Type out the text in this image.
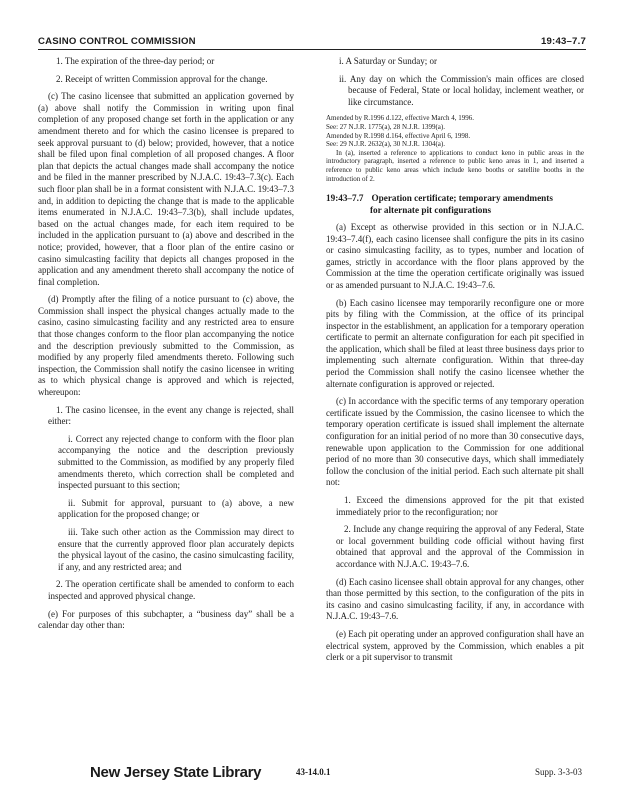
CASINO CONTROL COMMISSION	19:43–7.7

1. The expiration of the three-day period; or

2. Receipt of written Commission approval for the change.

(c) The casino licensee that submitted an application governed by (a) above shall notify the Commission in writing upon final completion of any proposed change set forth in the application or any amendment thereto and for which the casino licensee is prepared to seek approval pursuant to (d) below; provided, however, that a notice shall be filed upon final completion of all proposed changes. A floor plan that depicts the actual changes made shall accompany the notice and be filed in the manner prescribed by N.J.A.C. 19:43–7.3(c). Each such floor plan shall be in a format consistent with N.J.A.C. 19:43–7.3 and, in addition to depicting the change that is made to the applicable items enumerated in N.J.A.C. 19:43–7.3(b), shall include updates, based on the actual changes made, for each item required to be included in the application pursuant to (a) above and described in the notice; provided, however, that a floor plan of the entire casino or casino simulcasting facility that depicts all changes proposed in the application and any amendment thereto shall accompany the notice of final completion.

(d) Promptly after the filing of a notice pursuant to (c) above, the Commission shall inspect the physical changes actually made to the casino, casino simulcasting facility and any restricted area to ensure that those changes conform to the floor plan accompanying the notice and the description previously submitted to the Commission, as modified by any properly filed amendments thereto. Following such inspection, the Commission shall notify the casino licensee in writing as to which physical change is approved and which is rejected, whereupon:

1. The casino licensee, in the event any change is rejected, shall either:

i. Correct any rejected change to conform with the floor plan accompanying the notice and the description previously submitted to the Commission, as modified by any properly filed amendments thereto, which correction shall be completed and inspected pursuant to this section;

ii. Submit for approval, pursuant to (a) above, a new application for the proposed change; or

iii. Take such other action as the Commission may direct to ensure that the currently approved floor plan accurately depicts the physical layout of the casino, the casino simulcasting facility, if any, and any restricted area; and

2. The operation certificate shall be amended to conform to each inspected and approved physical change.

(e) For purposes of this subchapter, a “business day” shall be a calendar day other than:

i. A Saturday or Sunday; or

ii. Any day on which the Commission's main offices are closed because of Federal, State or local holiday, inclement weather, or like circumstance.

Amended by R.1996 d.122, effective March 4, 1996.
See: 27 N.J.R. 1775(a), 28 N.J.R. 1399(a).
Amended by R.1998 d.164, effective April 6, 1998.
See: 29 N.J.R. 2632(a), 30 N.J.R. 1304(a).
In (a), inserted a reference to applications to conduct keno in public areas in the introductory paragraph, inserted a reference to public keno areas in 1, and inserted a reference to public keno areas which include keno booths or satellite booths in the introduction of 2.
19:43–7.7 Operation certificate; temporary amendments
for alternate pit configurations

(a) Except as otherwise provided in this section or in N.J.A.C. 19:43–7.4(f), each casino licensee shall configure the pits in its casino or casino simulcasting facility, as to types, number and location of games, strictly in accordance with the floor plans approved by the Commission at the time the operation certificate originally was issued or as amended pursuant to N.J.A.C. 19:43–7.6.

(b) Each casino licensee may temporarily reconfigure one or more pits by filing with the Commission, at the office of its principal inspector in the establishment, an application for a temporary operation certificate to permit an alternate configuration for each pit specified in the application, which shall be filed at least three business days prior to implementing such alternate configuration. Within that three-day period the Commission shall notify the casino licensee whether the alternate configuration is approved or rejected.

(c) In accordance with the specific terms of any temporary operation certificate issued by the Commission, the casino licensee to which the temporary operation certificate is issued shall implement the alternate configuration for an initial period of no more than 30 consecutive days, renewable upon application to the Commission for one additional period of no more than 30 consecutive days, which shall immediately follow the conclusion of the initial period. Each such alternate pit shall not:

1. Exceed the dimensions approved for the pit that existed immediately prior to the reconfiguration; nor

2. Include any change requiring the approval of any Federal, State or local government building code official without having first obtained that approval and the approval of the Commission in accordance with N.J.A.C. 19:43–7.6.

(d) Each casino licensee shall obtain approval for any changes, other than those permitted by this section, to the configuration of the pits in its casino and casino simulcasting facility, if any, in accordance with N.J.A.C. 19:43–7.6.

(e) Each pit operating under an approved configuration shall have an electrical system, approved by the Commission, which enables a pit clerk or a pit supervisor to transmit

New Jersey State Library	43-14.0.1	Supp. 3-3-03
